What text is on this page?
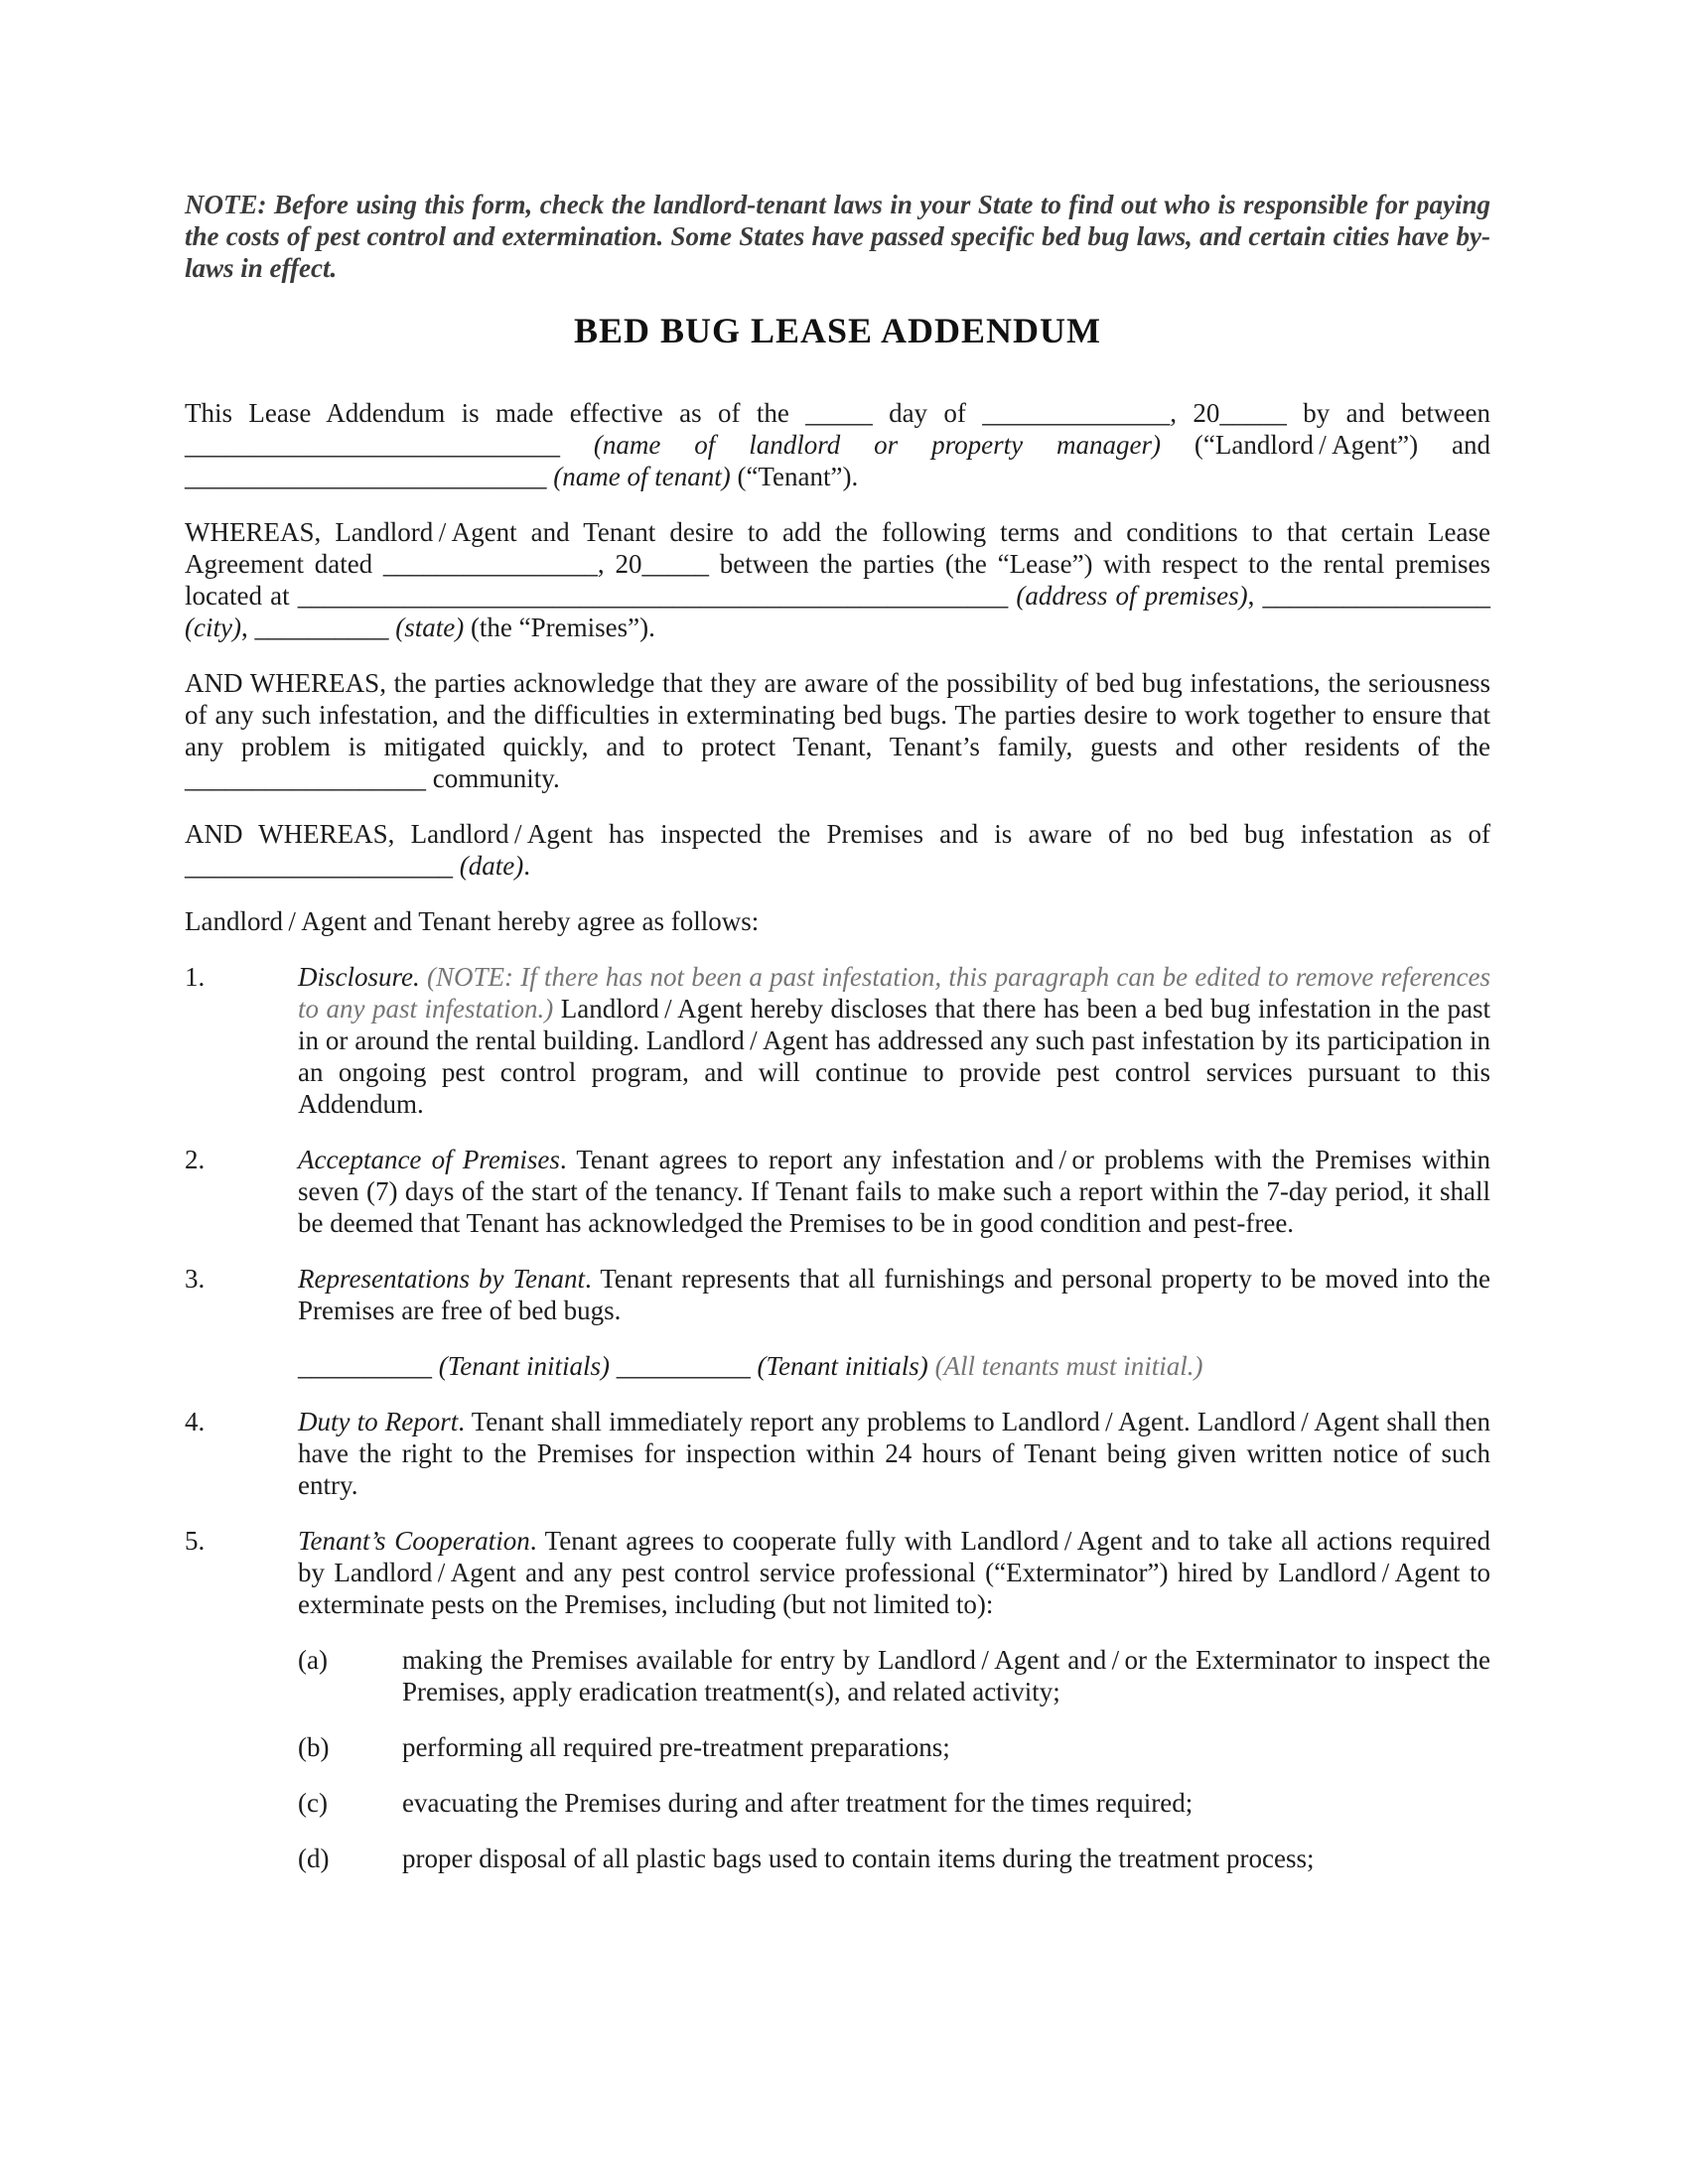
NOTE: Before using this form, check the landlord-tenant laws in your State to find out who is responsible for paying the costs of pest control and extermination. Some States have passed specific bed bug laws, and certain cities have by-laws in effect.

BED BUG LEASE ADDENDUM

This Lease Addendum is made effective as of the _____ day of ______________, 20_____ by and between ____________________________ (name of landlord or property manager) (“Landlord / Agent”) and ___________________________ (name of tenant) (“Tenant”).

WHEREAS, Landlord / Agent and Tenant desire to add the following terms and conditions to that certain Lease Agreement dated ________________, 20_____ between the parties (the “Lease”) with respect to the rental premises located at _____________________________________________________ (address of premises), _________________ (city), __________ (state) (the “Premises”).

AND WHEREAS, the parties acknowledge that they are aware of the possibility of bed bug infestations, the seriousness of any such infestation, and the difficulties in exterminating bed bugs. The parties desire to work together to ensure that any problem is mitigated quickly, and to protect Tenant, Tenant’s family, guests and other residents of the __________________ community.

AND WHEREAS, Landlord / Agent has inspected the Premises and is aware of no bed bug infestation as of ____________________ (date).

Landlord / Agent and Tenant hereby agree as follows:

1.	Disclosure. (NOTE: If there has not been a past infestation, this paragraph can be edited to remove references to any past infestation.) Landlord / Agent hereby discloses that there has been a bed bug infestation in the past in or around the rental building. Landlord / Agent has addressed any such past infestation by its participation in an ongoing pest control program, and will continue to provide pest control services pursuant to this Addendum.
2.	Acceptance of Premises. Tenant agrees to report any infestation and / or problems with the Premises within seven (7) days of the start of the tenancy. If Tenant fails to make such a report within the 7-day period, it shall be deemed that Tenant has acknowledged the Premises to be in good condition and pest-free.
3.	Representations by Tenant. Tenant represents that all furnishings and personal property to be moved into the Premises are free of bed bugs.
__________ (Tenant initials) __________ (Tenant initials) (All tenants must initial.)
4.	Duty to Report. Tenant shall immediately report any problems to Landlord / Agent. Landlord / Agent shall then have the right to the Premises for inspection within 24 hours of Tenant being given written notice of such entry.
5.	Tenant’s Cooperation. Tenant agrees to cooperate fully with Landlord / Agent and to take all actions required by Landlord / Agent and any pest control service professional (“Exterminator”) hired by Landlord / Agent to exterminate pests on the Premises, including (but not limited to):
(a)	making the Premises available for entry by Landlord / Agent and / or the Exterminator to inspect the Premises, apply eradication treatment(s), and related activity;
(b)	performing all required pre-treatment preparations;
(c)	evacuating the Premises during and after treatment for the times required;
(d)	proper disposal of all plastic bags used to contain items during the treatment process;
